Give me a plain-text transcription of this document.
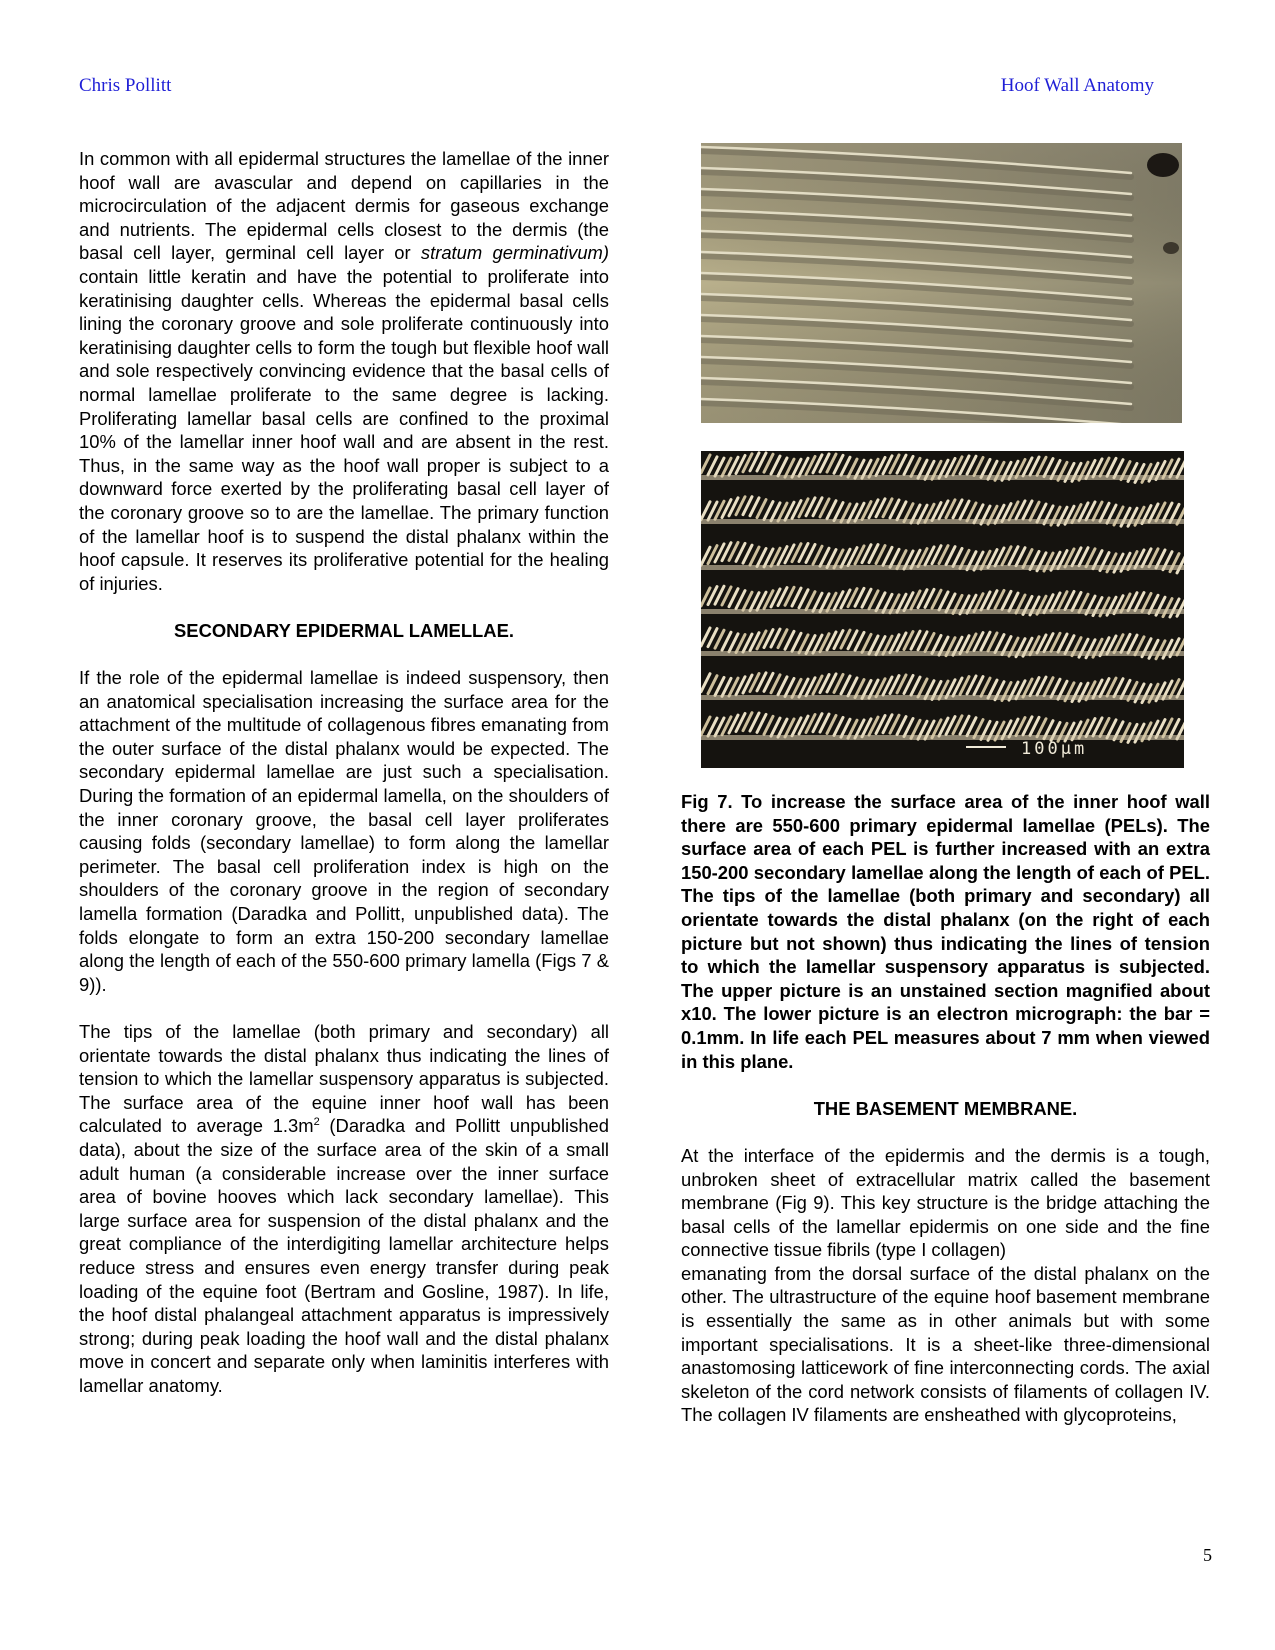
Chris Pollitt	Hoof Wall Anatomy

In common with all epidermal structures the lamellae of the inner hoof wall are avascular and depend on capillaries in the microcirculation of the adjacent dermis for gaseous exchange and nutrients. The epidermal cells closest to the dermis (the basal cell layer, germinal cell layer or stratum germinativum) contain little keratin and have the potential to proliferate into keratinising daughter cells. Whereas the epidermal basal cells lining the coronary groove and sole proliferate continuously into keratinising daughter cells to form the tough but flexible hoof wall and sole respectively convincing evidence that the basal cells of normal lamellae proliferate to the same degree is lacking. Proliferating lamellar basal cells are confined to the proximal 10% of the lamellar inner hoof wall and are absent in the rest. Thus, in the same way as the hoof wall proper is subject to a downward force exerted by the proliferating basal cell layer of the coronary groove so to are the lamellae. The primary function of the lamellar hoof is to suspend the distal phalanx within the hoof capsule. It reserves its proliferative potential for the healing of injuries.

SECONDARY EPIDERMAL LAMELLAE.

If the role of the epidermal lamellae is indeed suspensory, then an anatomical specialisation increasing the surface area for the attachment of the multitude of collagenous fibres emanating from the outer surface of the distal phalanx would be expected. The secondary epidermal lamellae are just such a specialisation. During the formation of an epidermal lamella, on the shoulders of the inner coronary groove, the basal cell layer proliferates causing folds (secondary lamellae) to form along the lamellar perimeter. The basal cell proliferation index is high on the shoulders of the coronary groove in the region of secondary lamella formation (Daradka and Pollitt, unpublished data). The folds elongate to form an extra 150-200 secondary lamellae along the length of each of the 550-600 primary lamella (Figs 7 & 9)).

The tips of the lamellae (both primary and secondary) all orientate towards the distal phalanx thus indicating the lines of tension to which the lamellar suspensory apparatus is subjected. The surface area of the equine inner hoof wall has been calculated to average $1.3m^2$ (Daradka and Pollitt unpublished data), about the size of the surface area of the skin of a small adult human (a considerable increase over the inner surface area of bovine hooves which lack secondary lamellae). This large surface area for suspension of the distal phalanx and the great compliance of the interdigiting lamellar architecture helps reduce stress and ensures even energy transfer during peak loading of the equine foot (Bertram and Gosline, 1987). In life, the hoof distal phalangeal attachment apparatus is impressively strong; during peak loading the hoof wall and the distal phalanx move in concert and separate only when laminitis interferes with lamellar anatomy.

100µm

Fig 7. To increase the surface area of the inner hoof wall there are 550-600 primary epidermal lamellae (PELs). The surface area of each PEL is further increased with an extra 150-200 secondary lamellae along the length of each of PEL. The tips of the lamellae (both primary and secondary) all orientate towards the distal phalanx (on the right of each picture but not shown) thus indicating the lines of tension to which the lamellar suspensory apparatus is subjected. The upper picture is an unstained section magnified about x10. The lower picture is an electron micrograph: the bar = 0.1mm. In life each PEL measures about 7 mm when viewed in this plane.

THE BASEMENT MEMBRANE.

At the interface of the epidermis and the dermis is a tough, unbroken sheet of extracellular matrix called the basement membrane (Fig 9). This key structure is the bridge attaching the basal cells of the lamellar epidermis on one side and the fine connective tissue fibrils (type I collagen)

emanating from the dorsal surface of the distal phalanx on the other. The ultrastructure of the equine hoof basement membrane is essentially the same as in other animals but with some important specialisations. It is a sheet-like three-dimensional anastomosing latticework of fine interconnecting cords. The axial skeleton of the cord network consists of filaments of collagen IV. The collagen IV filaments are ensheathed with glycoproteins,

5
